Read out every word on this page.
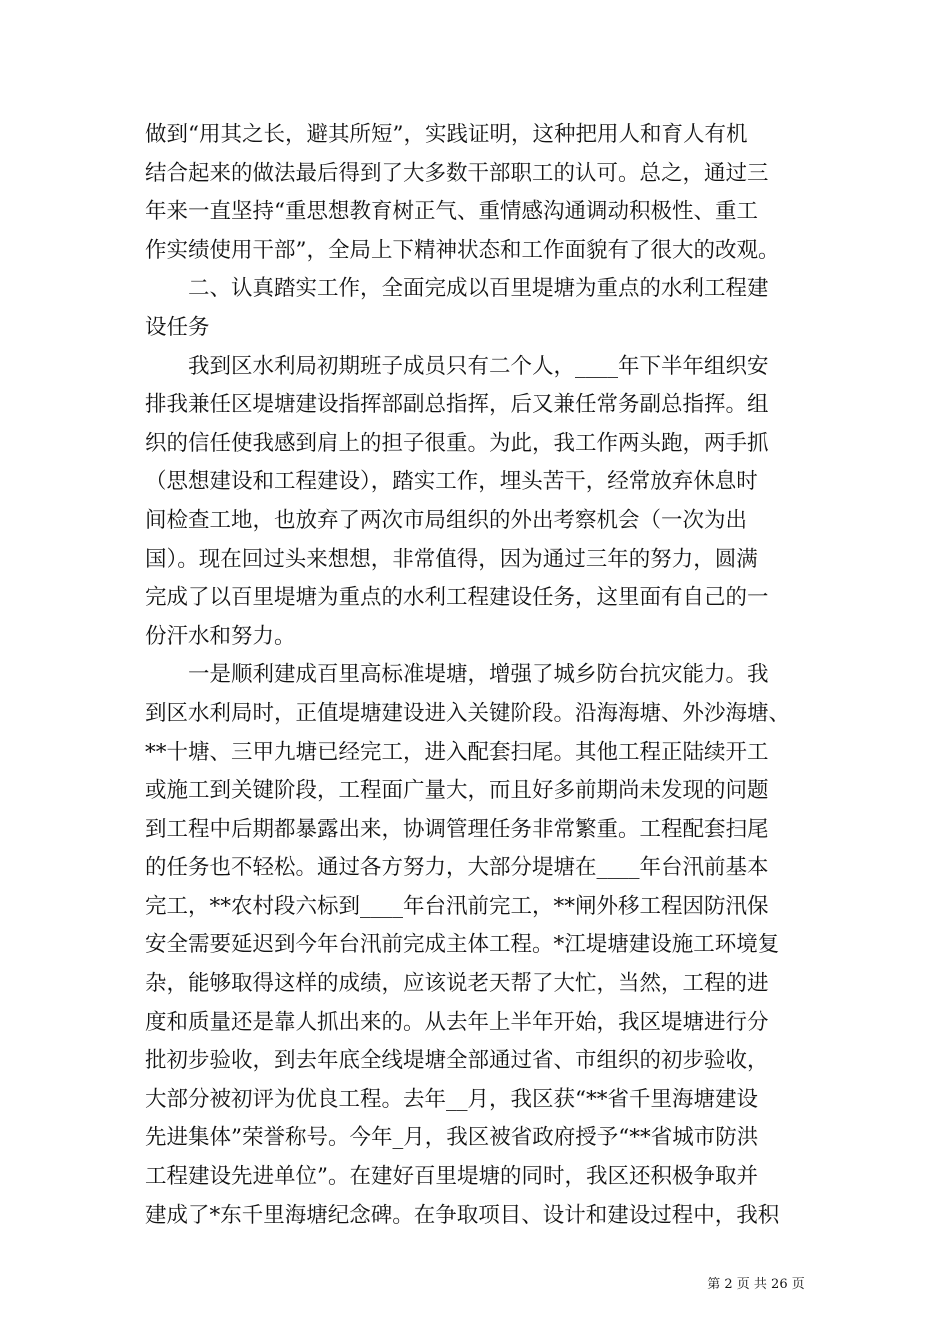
做到“用其之长，避其所短”，实践证明，这种把用人和育人有机
结合起来的做法最后得到了大多数干部职工的认可。总之，通过三
年来一直坚持“重思想教育树正气、重情感沟通调动积极性、重工
作实绩使用干部”，全局上下精神状态和工作面貌有了很大的改观。
　　二、认真踏实工作，全面完成以百里堤塘为重点的水利工程建
设任务
　　我到区水利局初期班子成员只有二个人，____年下半年组织安
排我兼任区堤塘建设指挥部副总指挥，后又兼任常务副总指挥。组
织的信任使我感到肩上的担子很重。为此，我工作两头跑，两手抓
（思想建设和工程建设），踏实工作，埋头苦干，经常放弃休息时
间检查工地，也放弃了两次市局组织的外出考察机会（一次为出
国）。现在回过头来想想，非常值得，因为通过三年的努力，圆满
完成了以百里堤塘为重点的水利工程建设任务，这里面有自己的一
份汗水和努力。
　　一是顺利建成百里高标准堤塘，增强了城乡防台抗灾能力。我
到区水利局时，正值堤塘建设进入关键阶段。沿海海塘、外沙海塘、
**十塘、三甲九塘已经完工，进入配套扫尾。其他工程正陆续开工
或施工到关键阶段，工程面广量大，而且好多前期尚未发现的问题
到工程中后期都暴露出来，协调管理任务非常繁重。工程配套扫尾
的任务也不轻松。通过各方努力，大部分堤塘在____年台汛前基本
完工，**农村段六标到____年台汛前完工，**闸外移工程因防汛保
安全需要延迟到今年台汛前完成主体工程。*江堤塘建设施工环境复
杂，能够取得这样的成绩，应该说老天帮了大忙，当然，工程的进
度和质量还是靠人抓出来的。从去年上半年开始，我区堤塘进行分
批初步验收，到去年底全线堤塘全部通过省、市组织的初步验收，
大部分被初评为优良工程。去年__月，我区获“**省千里海塘建设
先进集体”荣誉称号。今年_月，我区被省政府授予“**省城市防洪
工程建设先进单位”。在建好百里堤塘的同时，我区还积极争取并
建成了*东千里海塘纪念碑。在争取项目、设计和建设过程中，我积
第 2 页 共 26 页
